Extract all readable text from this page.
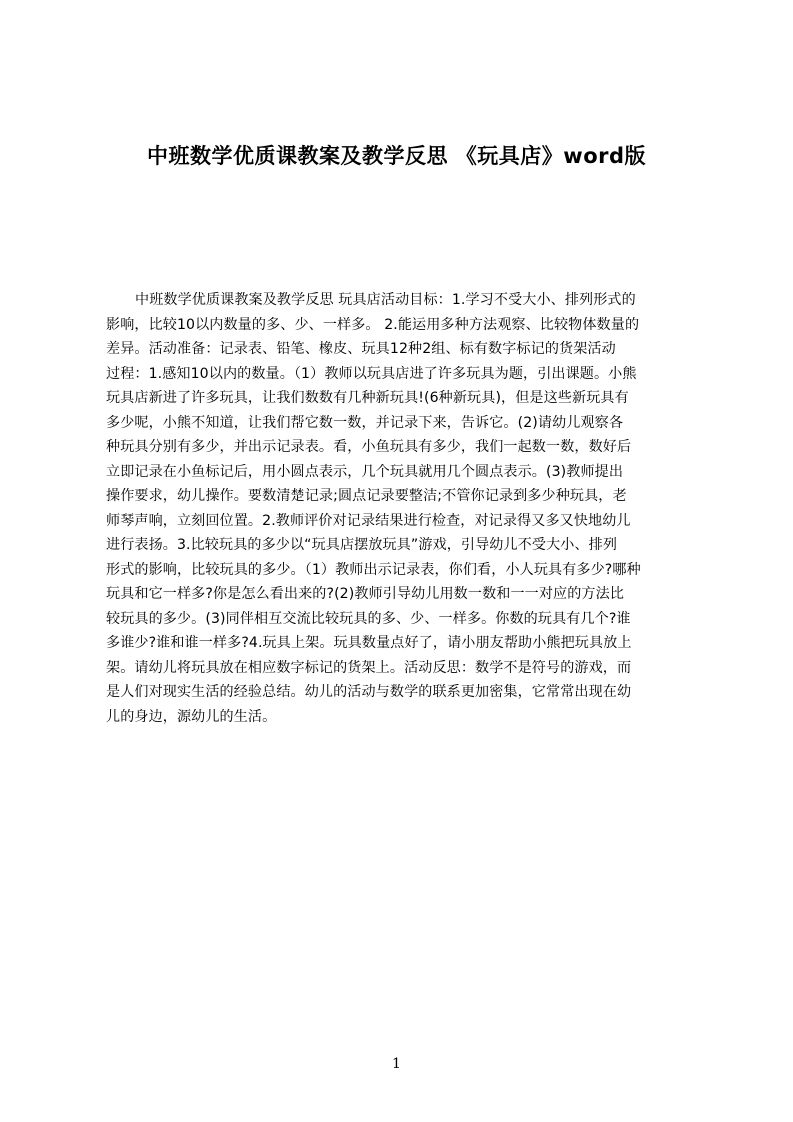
中班数学优质课教案及教学反思 《玩具店》word版
中班数学优质课教案及教学反思 玩具店活动目标：1.学习不受大小、排列形式的
影响，比较10以内数量的多、少、一样多。 2.能运用多种方法观察、比较物体数量的
差异。活动准备：记录表、铅笔、橡皮、玩具12种2组、标有数字标记的货架活动
过程：1.感知10以内的数量。（1）教师以玩具店进了许多玩具为题，引出课题。小熊
玩具店新进了许多玩具，让我们数数有几种新玩具!(6种新玩具)，但是这些新玩具有
多少呢，小熊不知道，让我们帮它数一数，并记录下来，告诉它。(2)请幼儿观察各
种玩具分别有多少，并出示记录表。看，小鱼玩具有多少，我们一起数一数，数好后
立即记录在小鱼标记后，用小圆点表示，几个玩具就用几个圆点表示。(3)教师提出
操作要求，幼儿操作。要数清楚记录;圆点记录要整洁;不管你记录到多少种玩具，老
师琴声响，立刻回位置。2.教师评价对记录结果进行检查，对记录得又多又快地幼儿
进行表扬。3.比较玩具的多少以“玩具店摆放玩具”游戏，引导幼儿不受大小、排列
形式的影响，比较玩具的多少。（1）教师出示记录表，你们看，小人玩具有多少?哪种
玩具和它一样多?你是怎么看出来的?(2)教师引导幼儿用数一数和一一对应的方法比
较玩具的多少。(3)同伴相互交流比较玩具的多、少、一样多。你数的玩具有几个?谁
多谁少?谁和谁一样多?4.玩具上架。玩具数量点好了，请小朋友帮助小熊把玩具放上
架。请幼儿将玩具放在相应数字标记的货架上。活动反思：数学不是符号的游戏，而
是人们对现实生活的经验总结。幼儿的活动与数学的联系更加密集，它常常出现在幼
儿的身边，源幼儿的生活。
1
